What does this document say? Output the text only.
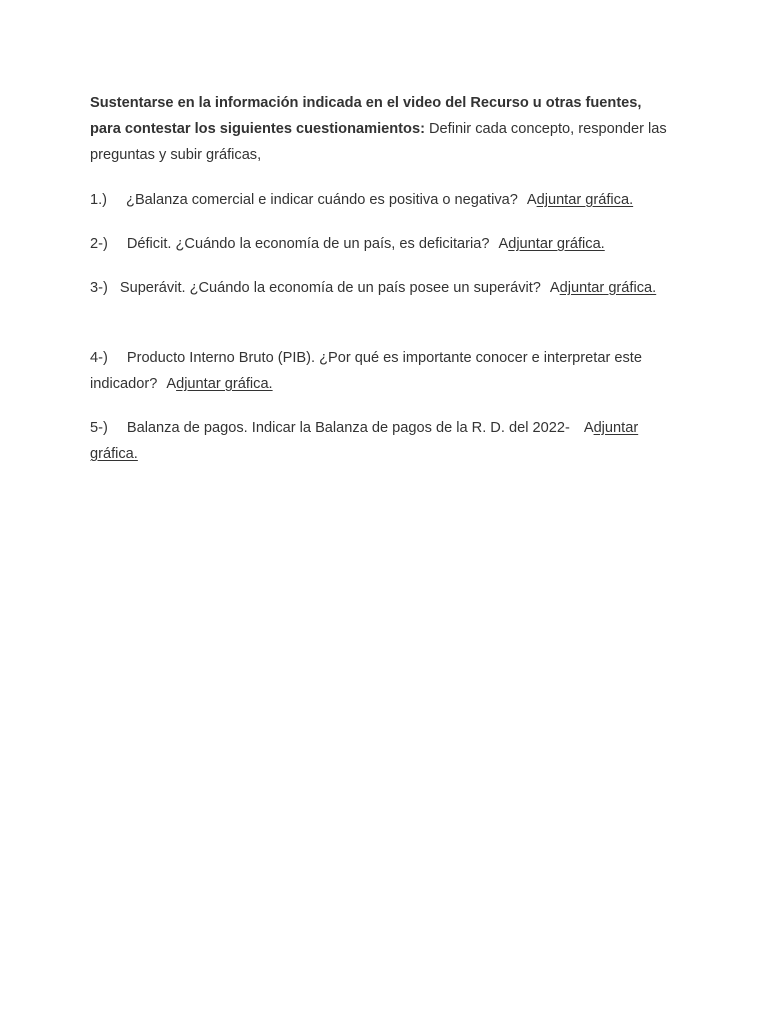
Sustentarse en la información indicada en el video del Recurso u otras fuentes, para contestar los siguientes cuestionamientos: Definir cada concepto, responder las preguntas y subir gráficas,

1.) ¿Balanza comercial e indicar cuándo es positiva o negativa? Adjuntar gráfica.

2-) Déficit. ¿Cuándo la economía de un país, es deficitaria? Adjuntar gráfica.

3-) Superávit. ¿Cuándo la economía de un país posee un superávit? Adjuntar gráfica.

4-) Producto Interno Bruto (PIB). ¿Por qué es importante conocer e interpretar este indicador? Adjuntar gráfica.

5-) Balanza de pagos. Indicar la Balanza de pagos de la R. D. del 2022- Adjuntar gráfica.
